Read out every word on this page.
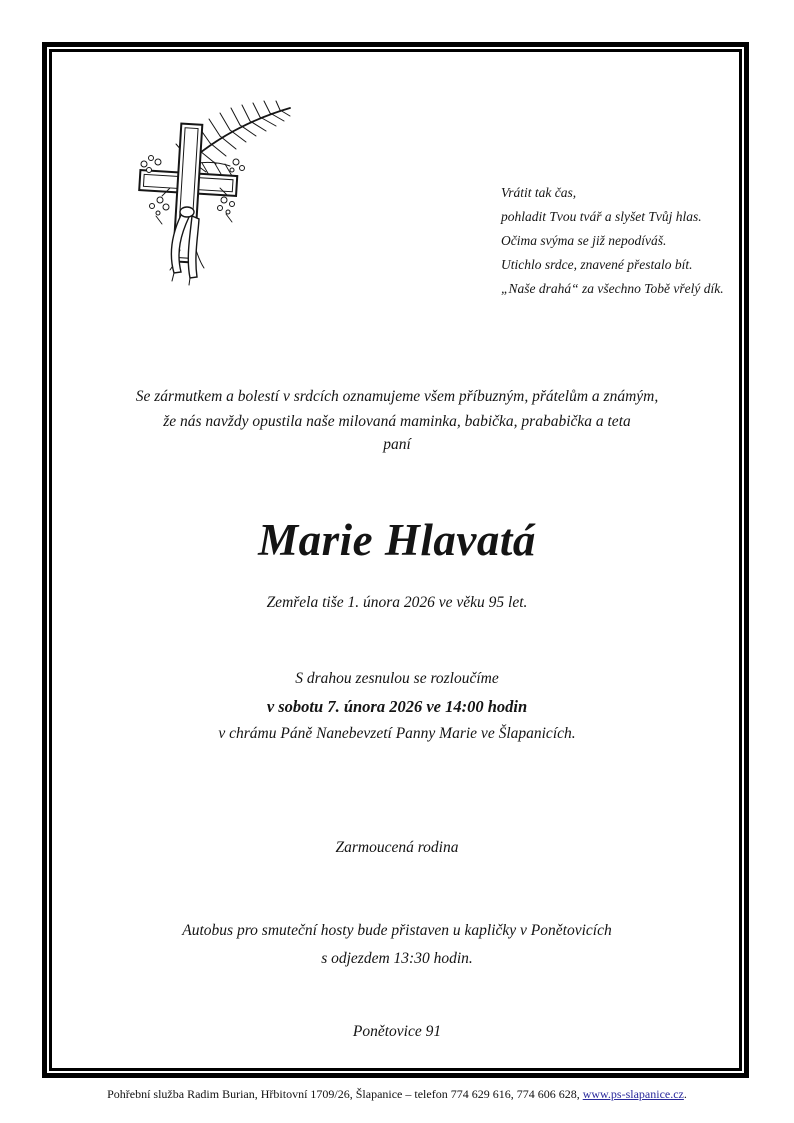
Vrátit tak čas,
pohladit Tvou tvář a slyšet Tvůj hlas.
Očima svýma se již nepodíváš.
Utichlo srdce, znavené přestalo bít.
„Naše drahá“ za všechno Tobě vřelý dík.
Se zármutkem a bolestí v srdcích oznamujeme všem příbuzným, přátelům a známým,
že nás navždy opustila naše milovaná maminka, babička, prababička a teta
paní
Marie Hlavatá
Zemřela tiše 1. února 2026 ve věku 95 let.
S drahou zesnulou se rozloučíme
v sobotu 7. února 2026 ve 14:00 hodin
v chrámu Páně Nanebevzetí Panny Marie ve Šlapanicích.
Zarmoucená rodina
Autobus pro smuteční hosty bude přistaven u kapličky v Ponětovicích
s odjezdem 13:30 hodin.
Ponětovice 91
Pohřební služba Radim Burian, Hřbitovní 1709/26, Šlapanice – telefon 774 629 616, 774 606 628, www.ps-slapanice.cz.
